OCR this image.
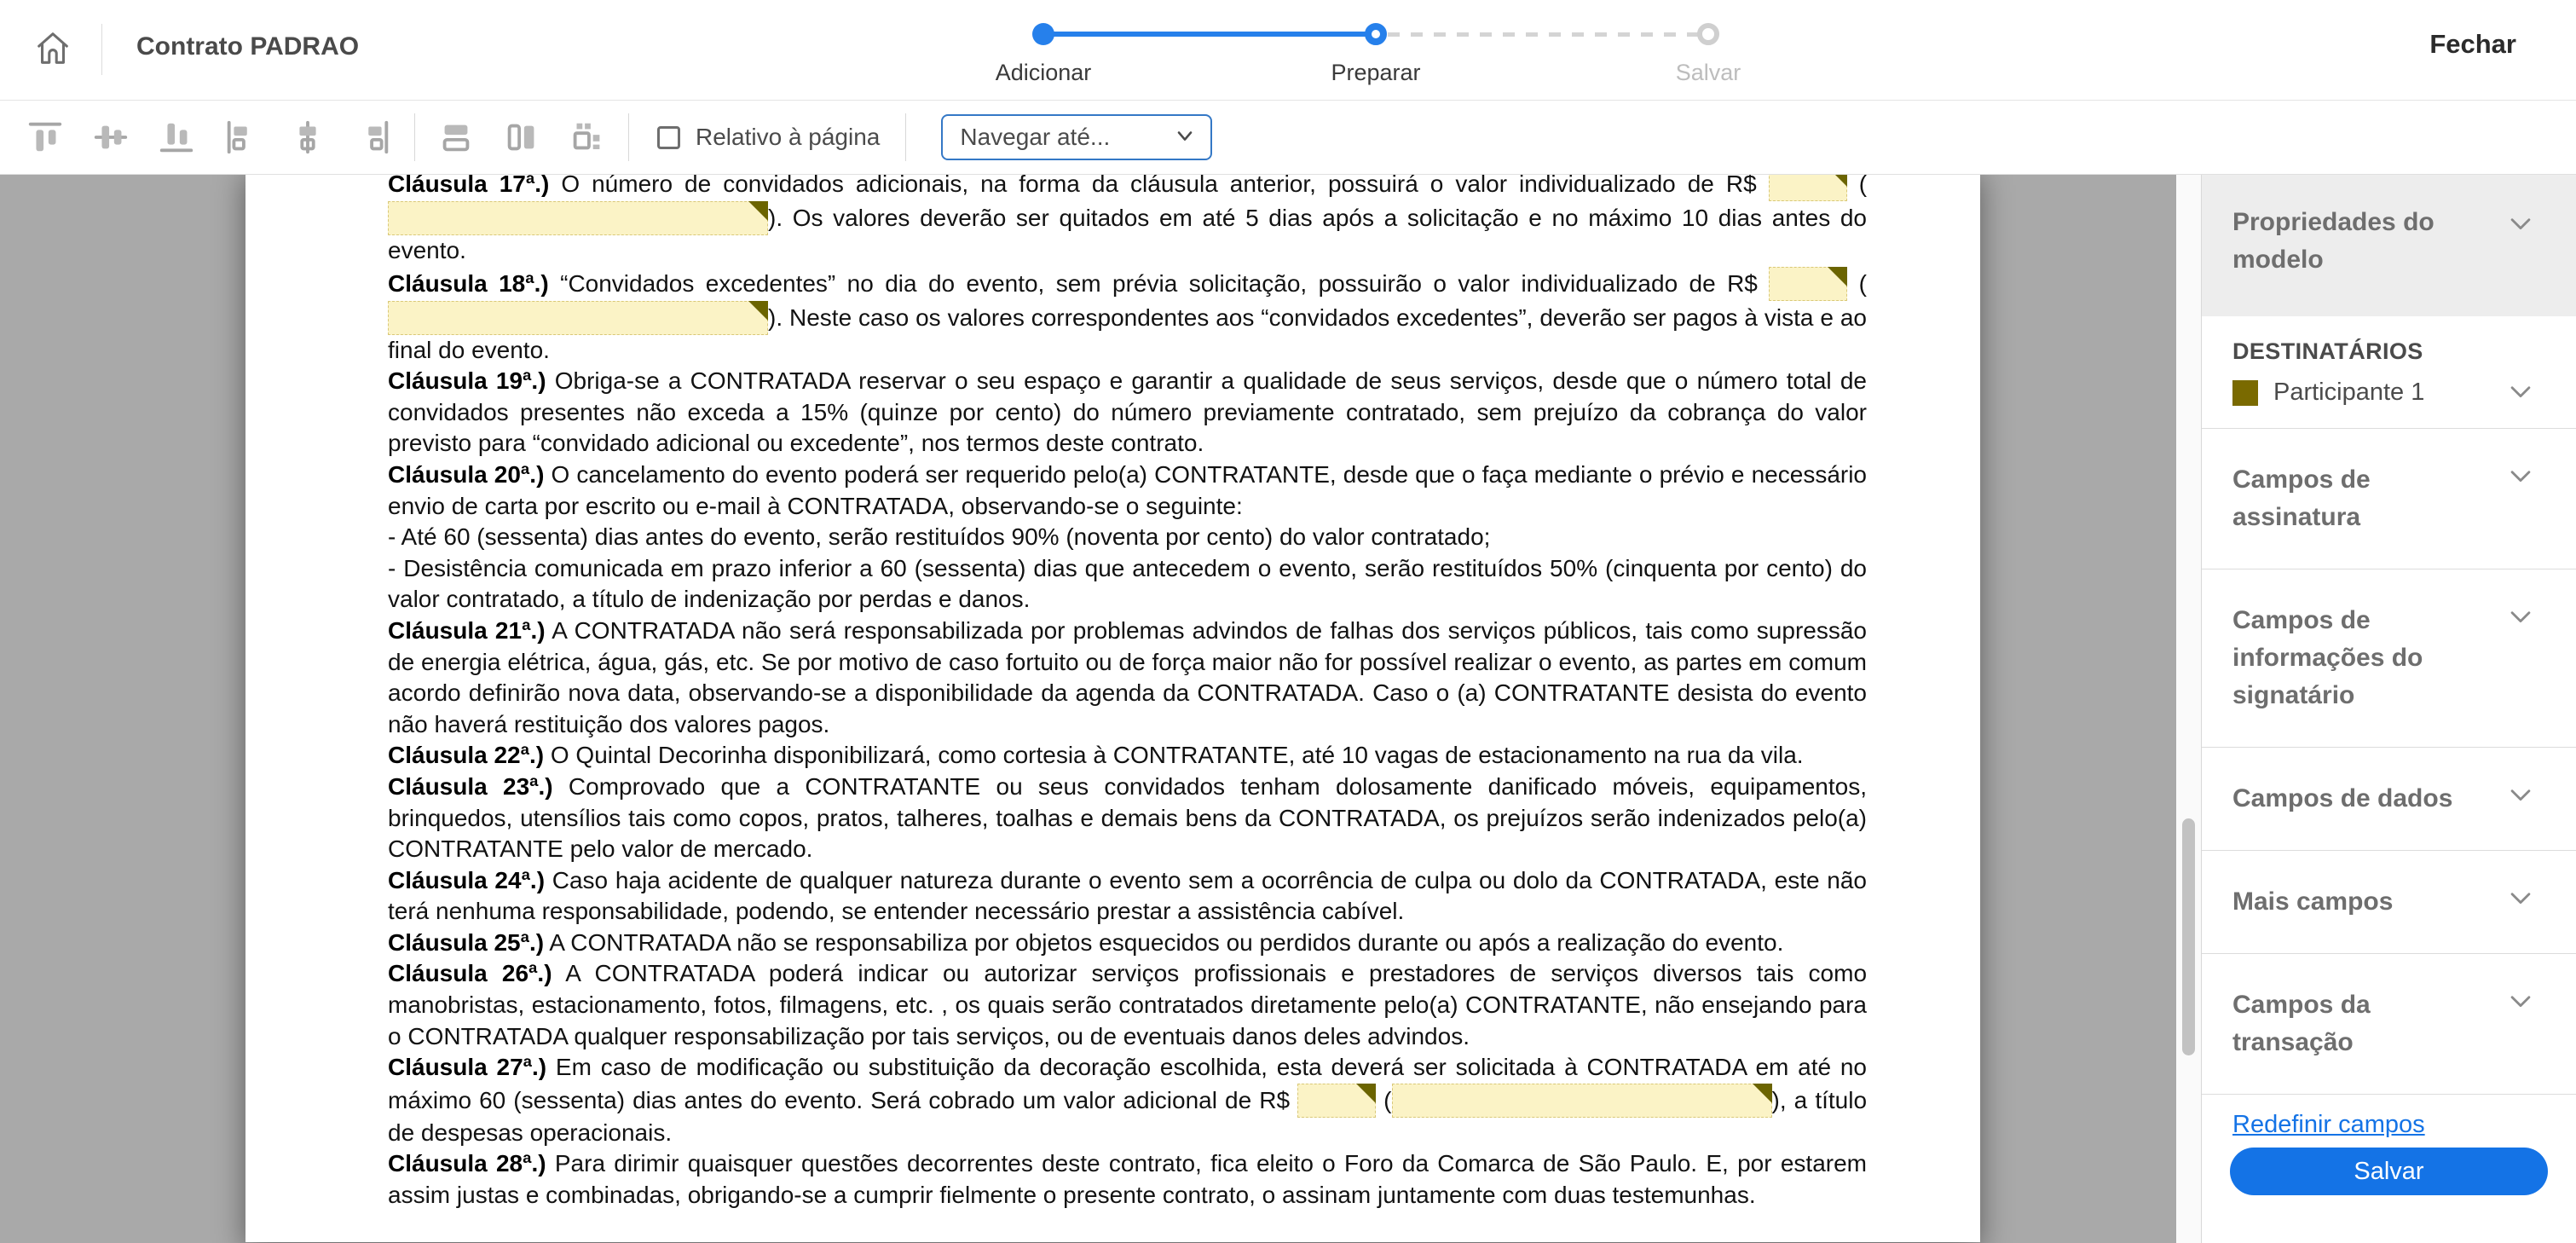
Contrato PADRAO
Adicionar	Preparar	Salvar
Fechar
Relativo à página	Navegar até...

Cláusula 17ª.) O número de convidados adicionais, na forma da cláusula anterior, possuirá o valor individualizado de R$	(). Os valores deverão ser quitados em até 5 dias após a solicitação e no máximo 10 dias antes do evento.

Cláusula 18ª.) “Convidados excedentes” no dia do evento, sem prévia solicitação, possuirão o valor individualizado de R$	(). Neste caso os valores correspondentes aos “convidados excedentes”, deverão ser pagos à vista e ao final do evento.

Cláusula 19ª.) Obriga-se a CONTRATADA reservar o seu espaço e garantir a qualidade de seus serviços, desde que o número total de convidados presentes não exceda a 15% (quinze por cento) do número previamente contratado, sem prejuízo da cobrança do valor previsto para “convidado adicional ou excedente”, nos termos deste contrato.

Cláusula 20ª.) O cancelamento do evento poderá ser requerido pelo(a) CONTRATANTE, desde que o faça mediante o prévio e necessário envio de carta por escrito ou e-mail à CONTRATADA, observando-se o seguinte:
- Até 60 (sessenta) dias antes do evento, serão restituídos 90% (noventa por cento) do valor contratado;
- Desistência comunicada em prazo inferior a 60 (sessenta) dias que antecedem o evento, serão restituídos 50% (cinquenta por cento) do valor contratado, a título de indenização por perdas e danos.

Cláusula 21ª.) A CONTRATADA não será responsabilizada por problemas advindos de falhas dos serviços públicos, tais como supressão de energia elétrica, água, gás, etc. Se por motivo de caso fortuito ou de força maior não for possível realizar o evento, as partes em comum acordo definirão nova data, observando-se a disponibilidade da agenda da CONTRATADA. Caso o (a) CONTRATANTE desista do evento não haverá restituição dos valores pagos.

Cláusula 22ª.) O Quintal Decorinha disponibilizará, como cortesia à CONTRATANTE, até 10 vagas de estacionamento na rua da vila.

Cláusula 23ª.) Comprovado que a CONTRATANTE ou seus convidados tenham dolosamente danificado móveis, equipamentos, brinquedos, utensílios tais como copos, pratos, talheres, toalhas e demais bens da CONTRATADA, os prejuízos serão indenizados pelo(a) CONTRATANTE pelo valor de mercado.

Cláusula 24ª.) Caso haja acidente de qualquer natureza durante o evento sem a ocorrência de culpa ou dolo da CONTRATADA, este não terá nenhuma responsabilidade, podendo, se entender necessário prestar a assistência cabível.

Cláusula 25ª.) A CONTRATADA não se responsabiliza por objetos esquecidos ou perdidos durante ou após a realização do evento.

Cláusula 26ª.) A CONTRATADA poderá indicar ou autorizar serviços profissionais e prestadores de serviços diversos tais como manobristas, estacionamento, fotos, filmagens, etc. , os quais serão contratados diretamente pelo(a) CONTRATANTE, não ensejando para o CONTRATADA qualquer responsabilização por tais serviços, ou de eventuais danos deles advindos.

Cláusula 27ª.) Em caso de modificação ou substituição da decoração escolhida, esta deverá ser solicitada à CONTRATADA em até no máximo 60 (sessenta) dias antes do evento. Será cobrado um valor adicional de R$	(	), a título de despesas operacionais.

Cláusula 28ª.) Para dirimir quaisquer questões decorrentes deste contrato, fica eleito o Foro da Comarca de São Paulo. E, por estarem assim justas e combinadas, obrigando-se a cumprir fielmente o presente contrato, o assinam juntamente com duas testemunhas.

Propriedades do modelo
DESTINATÁRIOS
Participante 1
Campos de assinatura
Campos de informações do signatário
Campos de dados
Mais campos
Campos da transação
Redefinir campos
Salvar
